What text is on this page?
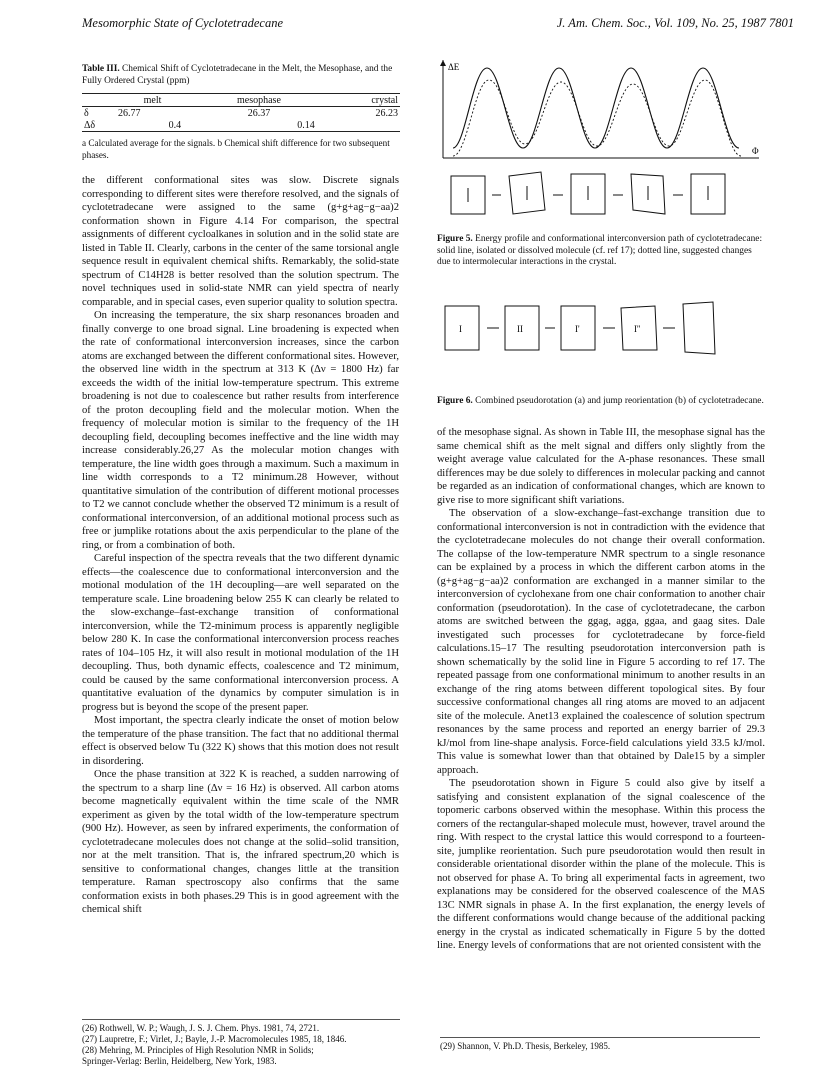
Mesomorphic State of Cyclotetradecane	J. Am. Chem. Soc., Vol. 109, No. 25, 1987 7801
Table III. Chemical Shift of Cyclotetradecane in the Melt, the Mesophase, and the Fully Ordered Crystal (ppm)
	melt	mesophase	crystal
δ	26.77	26.37	26.23
Δδ	0.4	0.14	
a Calculated average for the signals. b Chemical shift difference for two subsequent phases.

the different conformational sites was slow. Discrete signals corresponding to different sites were therefore resolved, and the signals of cyclotetradecane were assigned to the same (g+g+ag−g−aa)2 conformation shown in Figure 4.14 For comparison, the spectral assignments of different cycloalkanes in solution and in the solid state are listed in Table II. Clearly, carbons in the center of the same torsional angle sequence result in equivalent chemical shifts. Remarkably, the solid-state spectrum of C14H28 is better resolved than the solution spectrum. The novel techniques used in solid-state NMR can yield spectra of nearly comparable, and in special cases, even superior quality to solution spectra.

On increasing the temperature, the six sharp resonances broaden and finally converge to one broad signal. Line broadening is expected when the rate of conformational interconversion increases, since the carbon atoms are exchanged between the different conformational sites. However, the observed line width in the spectrum at 313 K (Δν = 1800 Hz) far exceeds the width of the initial low-temperature spectrum. This extreme broadening is not due to coalescence but rather results from interference of the proton decoupling field and the molecular motion. When the frequency of molecular motion is similar to the frequency of the 1H decoupling field, decoupling becomes ineffective and the line width may increase considerably.26,27 As the molecular motion changes with temperature, the line width goes through a maximum. Such a maximum in line width corresponds to a T2 minimum.28 However, without quantitative simulation of the contribution of different motional processes to T2 we cannot conclude whether the observed T2 minimum is a result of conformational interconversion, of an additional motional process such as free or jumplike rotations about the axis perpendicular to the plane of the ring, or from a combination of both.

Careful inspection of the spectra reveals that the two different dynamic effects—the coalescence due to conformational interconversion and the motional modulation of the 1H decoupling—are well separated on the temperature scale. Line broadening below 255 K can clearly be related to the slow-exchange–fast-exchange transition of conformational interconversion, while the T2-minimum process is apparently negligible below 280 K. In case the conformational interconversion process reaches rates of 104–105 Hz, it will also result in motional modulation of the 1H decoupling. Thus, both dynamic effects, coalescence and T2 minimum, could be caused by the same conformational interconversion process. A quantitative evaluation of the dynamics by computer simulation is in progress but is beyond the scope of the present paper.

Most important, the spectra clearly indicate the onset of motion below the temperature of the phase transition. The fact that no additional thermal effect is observed below Tu (322 K) shows that this motion does not result in disordering.

Once the phase transition at 322 K is reached, a sudden narrowing of the spectrum to a sharp line (Δν = 16 Hz) is observed. All carbon atoms become magnetically equivalent within the time scale of the NMR experiment as given by the total width of the low-temperature spectrum (900 Hz). However, as seen by infrared experiments, the conformation of cyclotetradecane molecules does not change at the solid–solid transition, nor at the melt transition. That is, the infrared spectrum,20 which is sensitive to conformational changes, changes little at the transition temperature. Raman spectroscopy also confirms that the same conformation exists in both phases.29 This is in good agreement with the chemical shift

ΔE
Φ
Figure 5. Energy profile and conformational interconversion path of cyclotetradecane: solid line, isolated or dissolved molecule (cf. ref 17); dotted line, suggested changes due to intermolecular interactions in the crystal.
I	II	I'	I''
Figure 6. Combined pseudorotation (a) and jump reorientation (b) of cyclotetradecane.

of the mesophase signal. As shown in Table III, the mesophase signal has the same chemical shift as the melt signal and differs only slightly from the weight average value calculated for the A-phase resonances. These small differences may be due solely to differences in molecular packing and cannot be regarded as an indication of conformational changes, which are known to give rise to more significant shift variations.

The observation of a slow-exchange–fast-exchange transition due to conformational interconversion is not in contradiction with the evidence that the cyclotetradecane molecules do not change their overall conformation. The collapse of the low-temperature NMR spectrum to a single resonance can be explained by a process in which the different carbon atoms in the (g+g+ag−g−aa)2 conformation are exchanged in a manner similar to the interconversion of cyclohexane from one chair conformation to another chair conformation (pseudorotation). In the case of cyclotetradecane, the carbon atoms are switched between the ggag, agga, ggaa, and gaag sites. Dale investigated such processes for cyclotetradecane by force-field calculations.15–17 The resulting pseudorotation interconversion path is shown schematically by the solid line in Figure 5 according to ref 17. The repeated passage from one conformational minimum to another results in an exchange of the ring atoms between different topological sites. By four successive conformational changes all ring atoms are moved to an adjacent site of the molecule. Anet13 explained the coalescence of solution spectrum resonances by the same process and reported an energy barrier of 29.3 kJ/mol from line-shape analysis. Force-field calculations yield 33.5 kJ/mol. This value is somewhat lower than that obtained by Dale15 by a simpler approach.

The pseudorotation shown in Figure 5 could also give by itself a satisfying and consistent explanation of the signal coalescence of the topomeric carbons observed within the mesophase. Within this process the corners of the rectangular-shaped molecule must, however, travel around the ring. With respect to the crystal lattice this would correspond to a fourteen-site, jumplike reorientation. Such pure pseudorotation would then result in considerable orientational disorder within the plane of the molecule. This is not observed for phase A. To bring all experimental facts in agreement, two explanations may be considered for the observed coalescence of the MAS 13C NMR signals in phase A. In the first explanation, the energy levels of the different conformations would change because of the additional packing energy in the crystal as indicated schematically in Figure 5 by the dotted line. Energy levels of conformations that are not oriented consistent with the

(26) Rothwell, W. P.; Waugh, J. S. J. Chem. Phys. 1981, 74, 2721.
(27) Laupretre, F.; Virlet, J.; Bayle, J.-P. Macromolecules 1985, 18, 1846.
(28) Mehring, M. Principles of High Resolution NMR in Solids;
Springer-Verlag: Berlin, Heidelberg, New York, 1983.
(29) Shannon, V. Ph.D. Thesis, Berkeley, 1985.
